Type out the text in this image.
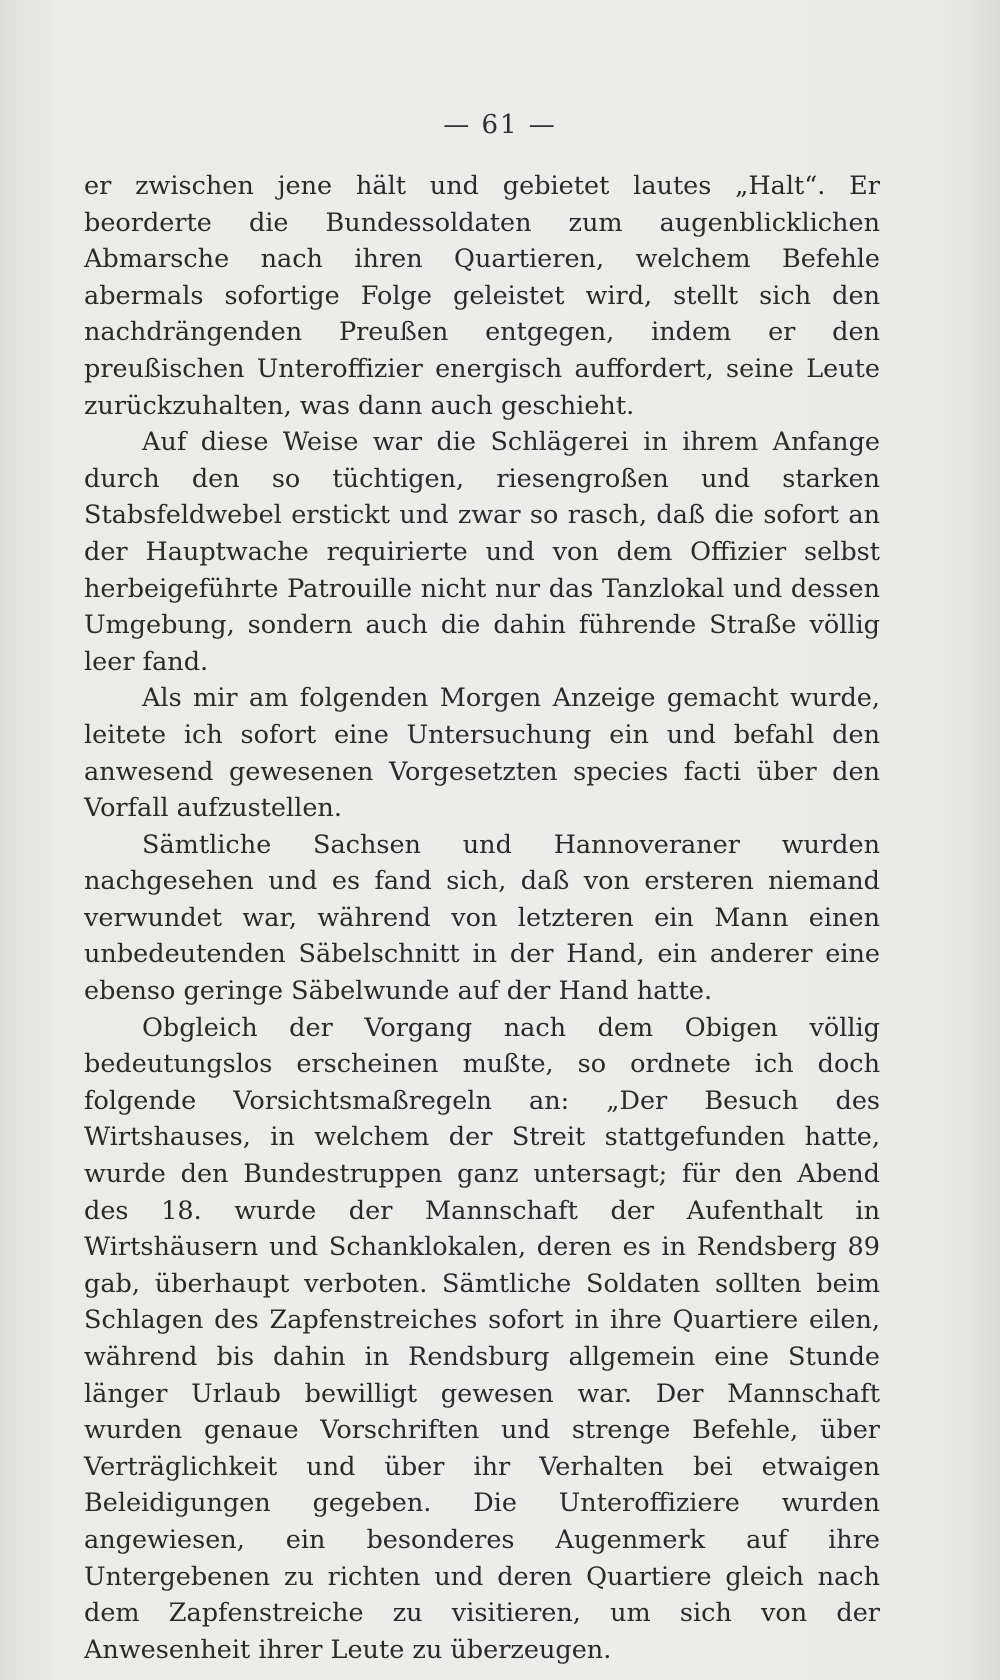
— 61 —

er zwischen jene hält und gebietet lautes „Halt“. Er beorderte die Bundessoldaten zum augenblicklichen Abmarsche nach ihren Quartieren, welchem Befehle abermals sofortige Folge geleistet wird, stellt sich den nachdrängenden Preußen entgegen, indem er den preußischen Unteroffizier energisch auffordert, seine Leute zurückzuhalten, was dann auch geschieht.

Auf diese Weise war die Schlägerei in ihrem Anfange durch den so tüchtigen, riesengroßen und starken Stabsfeldwebel erstickt und zwar so rasch, daß die sofort an der Hauptwache requirierte und von dem Offizier selbst herbeigeführte Patrouille nicht nur das Tanzlokal und dessen Umgebung, sondern auch die dahin führende Straße völlig leer fand.

Als mir am folgenden Morgen Anzeige gemacht wurde, leitete ich sofort eine Untersuchung ein und befahl den anwesend gewesenen Vorgesetzten species facti über den Vorfall aufzustellen.

Sämtliche Sachsen und Hannoveraner wurden nachgesehen und es fand sich, daß von ersteren niemand verwundet war, während von letzteren ein Mann einen unbedeutenden Säbelschnitt in der Hand, ein anderer eine ebenso geringe Säbelwunde auf der Hand hatte.

Obgleich der Vorgang nach dem Obigen völlig bedeutungslos erscheinen mußte, so ordnete ich doch folgende Vorsichtsmaßregeln an: „Der Besuch des Wirtshauses, in welchem der Streit stattgefunden hatte, wurde den Bundestruppen ganz untersagt; für den Abend des 18. wurde der Mannschaft der Aufenthalt in Wirtshäusern und Schanklokalen, deren es in Rendsberg 89 gab, überhaupt verboten. Sämtliche Soldaten sollten beim Schlagen des Zapfenstreiches sofort in ihre Quartiere eilen, während bis dahin in Rendsburg allgemein eine Stunde länger Urlaub bewilligt gewesen war. Der Mannschaft wurden genaue Vorschriften und strenge Befehle, über Verträglichkeit und über ihr Verhalten bei etwaigen Beleidigungen gegeben. Die Unteroffiziere wurden angewiesen, ein besonderes Augenmerk auf ihre Untergebenen zu richten und deren Quartiere gleich nach dem Zapfenstreiche zu visitieren, um sich von der Anwesenheit ihrer Leute zu überzeugen.
